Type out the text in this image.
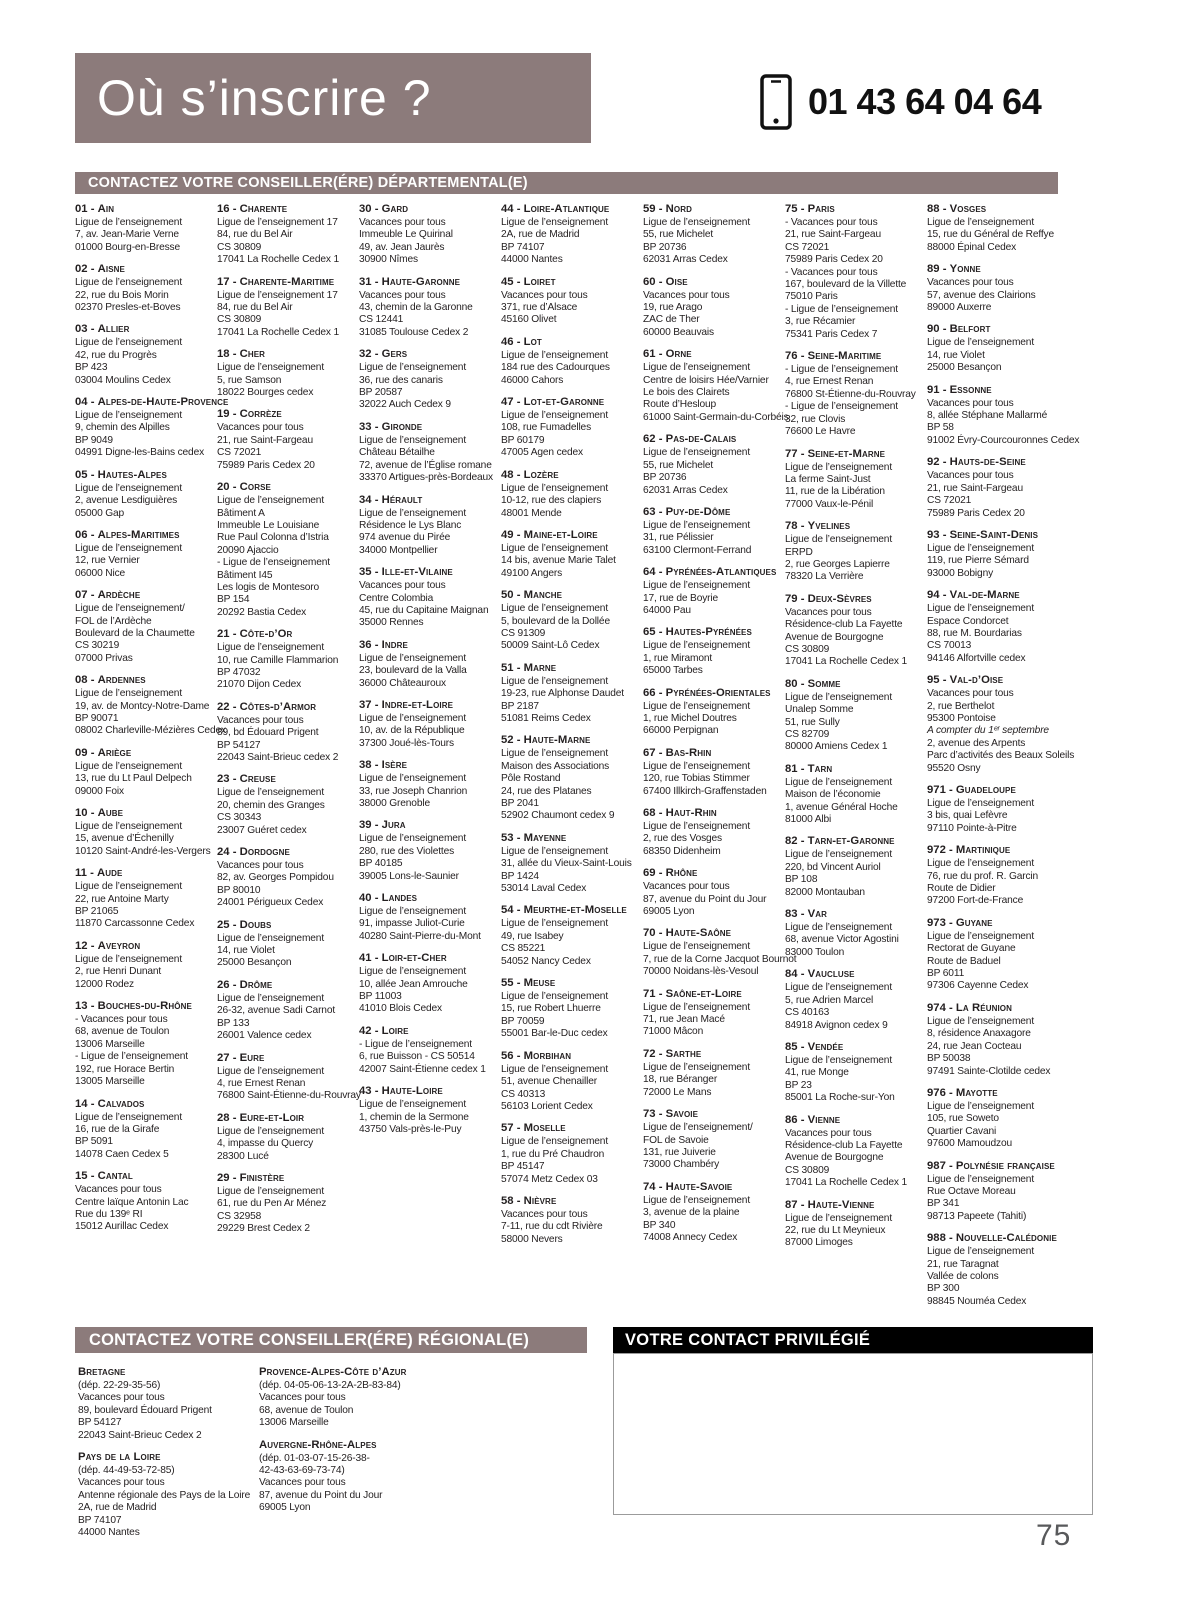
Où s’inscrire ?	01 43 64 04 64
CONTACTEZ VOTRE CONSEILLER(ÉRE) DÉPARTEMENTAL(E)
01 - Ain
Ligue de l’enseignement
7, av. Jean-Marie Verne
01000 Bourg-en-Bresse
02 - Aisne
Ligue de l’enseignement
22, rue du Bois Morin
02370 Presles-et-Boves
03 - Allier
Ligue de l’enseignement
42, rue du Progrès
BP 423
03004 Moulins Cedex
04 - Alpes-de-Haute-Provence
Ligue de l’enseignement
9, chemin des Alpilles
BP 9049
04991 Digne-les-Bains cedex
05 - Hautes-Alpes
Ligue de l’enseignement
2, avenue Lesdiguières
05000 Gap
06 - Alpes-Maritimes
Ligue de l’enseignement
12, rue Vernier
06000 Nice
07 - Ardèche
Ligue de l’enseignement/
FOL de l’Ardèche
Boulevard de la Chaumette
CS 30219
07000 Privas
08 - Ardennes
Ligue de l’enseignement
19, av. de Montcy-Notre-Dame
BP 90071
08002 Charleville-Mézières Cedex
09 - Ariège
Ligue de l’enseignement
13, rue du Lt Paul Delpech
09000 Foix
10 - Aube
Ligue de l’enseignement
15, avenue d’Échenilly
10120 Saint-André-les-Vergers
11 - Aude
Ligue de l’enseignement
22, rue Antoine Marty
BP 21065
11870 Carcassonne Cedex
12 - Aveyron
Ligue de l’enseignement
2, rue Henri Dunant
12000 Rodez
13 - Bouches-du-Rhône
- Vacances pour tous
68, avenue de Toulon
13006 Marseille
- Ligue de l’enseignement
192, rue Horace Bertin
13005 Marseille
14 - Calvados
Ligue de l’enseignement
16, rue de la Girafe
BP 5091
14078 Caen Cedex 5
15 - Cantal
Vacances pour tous
Centre laïque Antonin Lac
Rue du 139ᵉ RI
15012 Aurillac Cedex
16 - Charente
Ligue de l’enseignement 17
84, rue du Bel Air
CS 30809
17041 La Rochelle Cedex 1
17 - Charente-Maritime
Ligue de l’enseignement 17
84, rue du Bel Air
CS 30809
17041 La Rochelle Cedex 1
18 - Cher
Ligue de l’enseignement
5, rue Samson
18022 Bourges cedex
19 - Corrèze
Vacances pour tous
21, rue Saint-Fargeau
CS 72021
75989 Paris Cedex 20
20 - Corse
Ligue de l’enseignement
Bâtiment A
Immeuble Le Louisiane
Rue Paul Colonna d’Istria
20090 Ajaccio
- Ligue de l’enseignement
Bâtiment I45
Les logis de Montesoro
BP 154
20292 Bastia Cedex
21 - Côte-d’Or
Ligue de l’enseignement
10, rue Camille Flammarion
BP 47032
21070 Dijon Cedex
22 - Côtes-d’Armor
Vacances pour tous
89, bd Édouard Prigent
BP 54127
22043 Saint-Brieuc cedex 2
23 - Creuse
Ligue de l’enseignement
20, chemin des Granges
CS 30343
23007 Guéret cedex
24 - Dordogne
Vacances pour tous
82, av. Georges Pompidou
BP 80010
24001 Périgueux Cedex
25 - Doubs
Ligue de l’enseignement
14, rue Violet
25000 Besançon
26 - Drôme
Ligue de l’enseignement
26-32, avenue Sadi Carnot
BP 133
26001 Valence cedex
27 - Eure
Ligue de l’enseignement
4, rue Ernest Renan
76800 Saint-Étienne-du-Rouvray
28 - Eure-et-Loir
Ligue de l’enseignement
4, impasse du Quercy
28300 Lucé
29 - Finistère
Ligue de l’enseignement
61, rue du Pen Ar Ménez
CS 32958
29229 Brest Cedex 2
30 - Gard
Vacances pour tous
Immeuble Le Quirinal
49, av. Jean Jaurès
30900 Nîmes
31 - Haute-Garonne
Vacances pour tous
43, chemin de la Garonne
CS 12441
31085 Toulouse Cedex 2
32 - Gers
Ligue de l’enseignement
36, rue des canaris
BP 20587
32022 Auch Cedex 9
33 - Gironde
Ligue de l’enseignement
Château Bétailhe
72, avenue de l’Église romane
33370 Artigues-près-Bordeaux
34 - Hérault
Ligue de l’enseignement
Résidence le Lys Blanc
974 avenue du Pirée
34000 Montpellier
35 - Ille-et-Vilaine
Vacances pour tous
Centre Colombia
45, rue du Capitaine Maignan
35000 Rennes
36 - Indre
Ligue de l’enseignement
23, boulevard de la Valla
36000 Châteauroux
37 - Indre-et-Loire
Ligue de l’enseignement
10, av. de la République
37300 Joué-lès-Tours
38 - Isère
Ligue de l’enseignement
33, rue Joseph Chanrion
38000 Grenoble
39 - Jura
Ligue de l’enseignement
280, rue des Violettes
BP 40185
39005 Lons-le-Saunier
40 - Landes
Ligue de l’enseignement
91, impasse Juliot-Curie
40280 Saint-Pierre-du-Mont
41 - Loir-et-Cher
Ligue de l’enseignement
10, allée Jean Amrouche
BP 11003
41010 Blois Cedex
42 - Loire
- Ligue de l’enseignement
6, rue Buisson - CS 50514
42007 Saint-Étienne cedex 1
43 - Haute-Loire
Ligue de l’enseignement
1, chemin de la Sermone
43750 Vals-près-le-Puy
44 - Loire-Atlantique
Ligue de l’enseignement
2A, rue de Madrid
BP 74107
44000 Nantes
45 - Loiret
Vacances pour tous
371, rue d’Alsace
45160 Olivet
46 - Lot
Ligue de l’enseignement
184 rue des Cadourques
46000 Cahors
47 - Lot-et-Garonne
Ligue de l’enseignement
108, rue Fumadelles
BP 60179
47005 Agen cedex
48 - Lozère
Ligue de l’enseignement
10-12, rue des clapiers
48001 Mende
49 - Maine-et-Loire
Ligue de l’enseignement
14 bis, avenue Marie Talet
49100 Angers
50 - Manche
Ligue de l’enseignement
5, boulevard de la Dollée
CS 91309
50009 Saint-Lô Cedex
51 - Marne
Ligue de l’enseignement
19-23, rue Alphonse Daudet
BP 2187
51081 Reims Cedex
52 - Haute-Marne
Ligue de l’enseignement
Maison des Associations
Pôle Rostand
24, rue des Platanes
BP 2041
52902 Chaumont cedex 9
53 - Mayenne
Ligue de l’enseignement
31, allée du Vieux-Saint-Louis
BP 1424
53014 Laval Cedex
54 - Meurthe-et-Moselle
Ligue de l’enseignement
49, rue Isabey
CS 85221
54052 Nancy Cedex
55 - Meuse
Ligue de l’enseignement
15, rue Robert Lhuerre
BP 70059
55001 Bar-le-Duc cedex
56 - Morbihan
Ligue de l’enseignement
51, avenue Chenailler
CS 40313
56103 Lorient Cedex
57 - Moselle
Ligue de l’enseignement
1, rue du Pré Chaudron
BP 45147
57074 Metz Cedex 03
58 - Nièvre
Vacances pour tous
7-11, rue du cdt Rivière
58000 Nevers
59 - Nord
Ligue de l’enseignement
55, rue Michelet
BP 20736
62031 Arras Cedex
60 - Oise
Vacances pour tous
19, rue Arago
ZAC de Ther
60000 Beauvais
61 - Orne
Ligue de l’enseignement
Centre de loisirs Hée/Varnier
Le bois des Clairets
Route d’Hesloup
61000 Saint-Germain-du-Corbéis
62 - Pas-de-Calais
Ligue de l’enseignement
55, rue Michelet
BP 20736
62031 Arras Cedex
63 - Puy-de-Dôme
Ligue de l’enseignement
31, rue Pélissier
63100 Clermont-Ferrand
64 - Pyrénées-Atlantiques
Ligue de l’enseignement
17, rue de Boyrie
64000 Pau
65 - Hautes-Pyrénées
Ligue de l’enseignement
1, rue Miramont
65000 Tarbes
66 - Pyrénées-Orientales
Ligue de l’enseignement
1, rue Michel Doutres
66000 Perpignan
67 - Bas-Rhin
Ligue de l’enseignement
120, rue Tobias Stimmer
67400 Illkirch-Graffenstaden
68 - Haut-Rhin
Ligue de l’enseignement
2, rue des Vosges
68350 Didenheim
69 - Rhône
Vacances pour tous
87, avenue du Point du Jour
69005 Lyon
70 - Haute-Saône
Ligue de l’enseignement
7, rue de la Corne Jacquot Bournot
70000 Noidans-lès-Vesoul
71 - Saône-et-Loire
Ligue de l’enseignement
71, rue Jean Macé
71000 Mâcon
72 - Sarthe
Ligue de l’enseignement
18, rue Béranger
72000 Le Mans
73 - Savoie
Ligue de l’enseignement/
FOL de Savoie
131, rue Juiverie
73000 Chambéry
74 - Haute-Savoie
Ligue de l’enseignement
3, avenue de la plaine
BP 340
74008 Annecy Cedex
75 - Paris
- Vacances pour tous
21, rue Saint-Fargeau
CS 72021
75989 Paris Cedex 20
- Vacances pour tous
167, boulevard de la Villette
75010 Paris
- Ligue de l’enseignement
3, rue Récamier
75341 Paris Cedex 7
76 - Seine-Maritime
- Ligue de l’enseignement
4, rue Ernest Renan
76800 St-Étienne-du-Rouvray
- Ligue de l’enseignement
32, rue Clovis
76600 Le Havre
77 - Seine-et-Marne
Ligue de l’enseignement
La ferme Saint-Just
11, rue de la Libération
77000 Vaux-le-Pénil
78 - Yvelines
Ligue de l’enseignement
ERPD
2, rue Georges Lapierre
78320 La Verrière
79 - Deux-Sèvres
Vacances pour tous
Résidence-club La Fayette
Avenue de Bourgogne
CS 30809
17041 La Rochelle Cedex 1
80 - Somme
Ligue de l’enseignement
Unalep Somme
51, rue Sully
CS 82709
80000 Amiens Cedex 1
81 - Tarn
Ligue de l’enseignement
Maison de l’économie
1, avenue Général Hoche
81000 Albi
82 - Tarn-et-Garonne
Ligue de l’enseignement
220, bd Vincent Auriol
BP 108
82000 Montauban
83 - Var
Ligue de l’enseignement
68, avenue Victor Agostini
83000 Toulon
84 - Vaucluse
Ligue de l’enseignement
5, rue Adrien Marcel
CS 40163
84918 Avignon cedex 9
85 - Vendée
Ligue de l’enseignement
41, rue Monge
BP 23
85001 La Roche-sur-Yon
86 - Vienne
Vacances pour tous
Résidence-club La Fayette
Avenue de Bourgogne
CS 30809
17041 La Rochelle Cedex 1
87 - Haute-Vienne
Ligue de l’enseignement
22, rue du Lt Meynieux
87000 Limoges
88 - Vosges
Ligue de l’enseignement
15, rue du Général de Reffye
88000 Épinal Cedex
89 - Yonne
Vacances pour tous
57, avenue des Clairions
89000 Auxerre
90 - Belfort
Ligue de l’enseignement
14, rue Violet
25000 Besançon
91 - Essonne
Vacances pour tous
8, allée Stéphane Mallarmé
BP 58
91002 Évry-Courcouronnes Cedex
92 - Hauts-de-Seine
Vacances pour tous
21, rue Saint-Fargeau
CS 72021
75989 Paris Cedex 20
93 - Seine-Saint-Denis
Ligue de l’enseignement
119, rue Pierre Sémard
93000 Bobigny
94 - Val-de-Marne
Ligue de l’enseignement
Espace Condorcet
88, rue M. Bourdarias
CS 70013
94146 Alfortville cedex
95 - Val-d’Oise
Vacances pour tous
2, rue Berthelot
95300 Pontoise
A compter du 1ᵉʳ septembre
2, avenue des Arpents
Parc d’activités des Beaux Soleils
95520 Osny
971 - Guadeloupe
Ligue de l’enseignement
3 bis, quai Lefèvre
97110 Pointe-à-Pitre
972 - Martinique
Ligue de l’enseignement
76, rue du prof. R. Garcin
Route de Didier
97200 Fort-de-France
973 - Guyane
Ligue de l’enseignement
Rectorat de Guyane
Route de Baduel
BP 6011
97306 Cayenne Cedex
974 - La Réunion
Ligue de l’enseignement
8, résidence Anaxagore
24, rue Jean Cocteau
BP 50038
97491 Sainte-Clotilde cedex
976 - Mayotte
Ligue de l’enseignement
105, rue Soweto
Quartier Cavani
97600 Mamoudzou
987 - Polynésie française
Ligue de l’enseignement
Rue Octave Moreau
BP 341
98713 Papeete (Tahiti)
988 - Nouvelle-Calédonie
Ligue de l’enseignement
21, rue Taragnat
Vallée de colons
BP 300
98845 Nouméa Cedex
CONTACTEZ VOTRE CONSEILLER(ÉRE) RÉGIONAL(E)
Bretagne
(dép. 22-29-35-56)
Vacances pour tous
89, boulevard Édouard Prigent
BP 54127
22043 Saint-Brieuc Cedex 2
Pays de la Loire
(dép. 44-49-53-72-85)
Vacances pour tous
Antenne régionale des Pays de la Loire
2A, rue de Madrid
BP 74107
44000 Nantes
Provence-Alpes-Côte d’Azur
(dép. 04-05-06-13-2A-2B-83-84)
Vacances pour tous
68, avenue de Toulon
13006 Marseille
Auvergne-Rhône-Alpes
(dép. 01-03-07-15-26-38-
42-43-63-69-73-74)
Vacances pour tous
87, avenue du Point du Jour
69005 Lyon
VOTRE CONTACT PRIVILÉGIÉ
75
